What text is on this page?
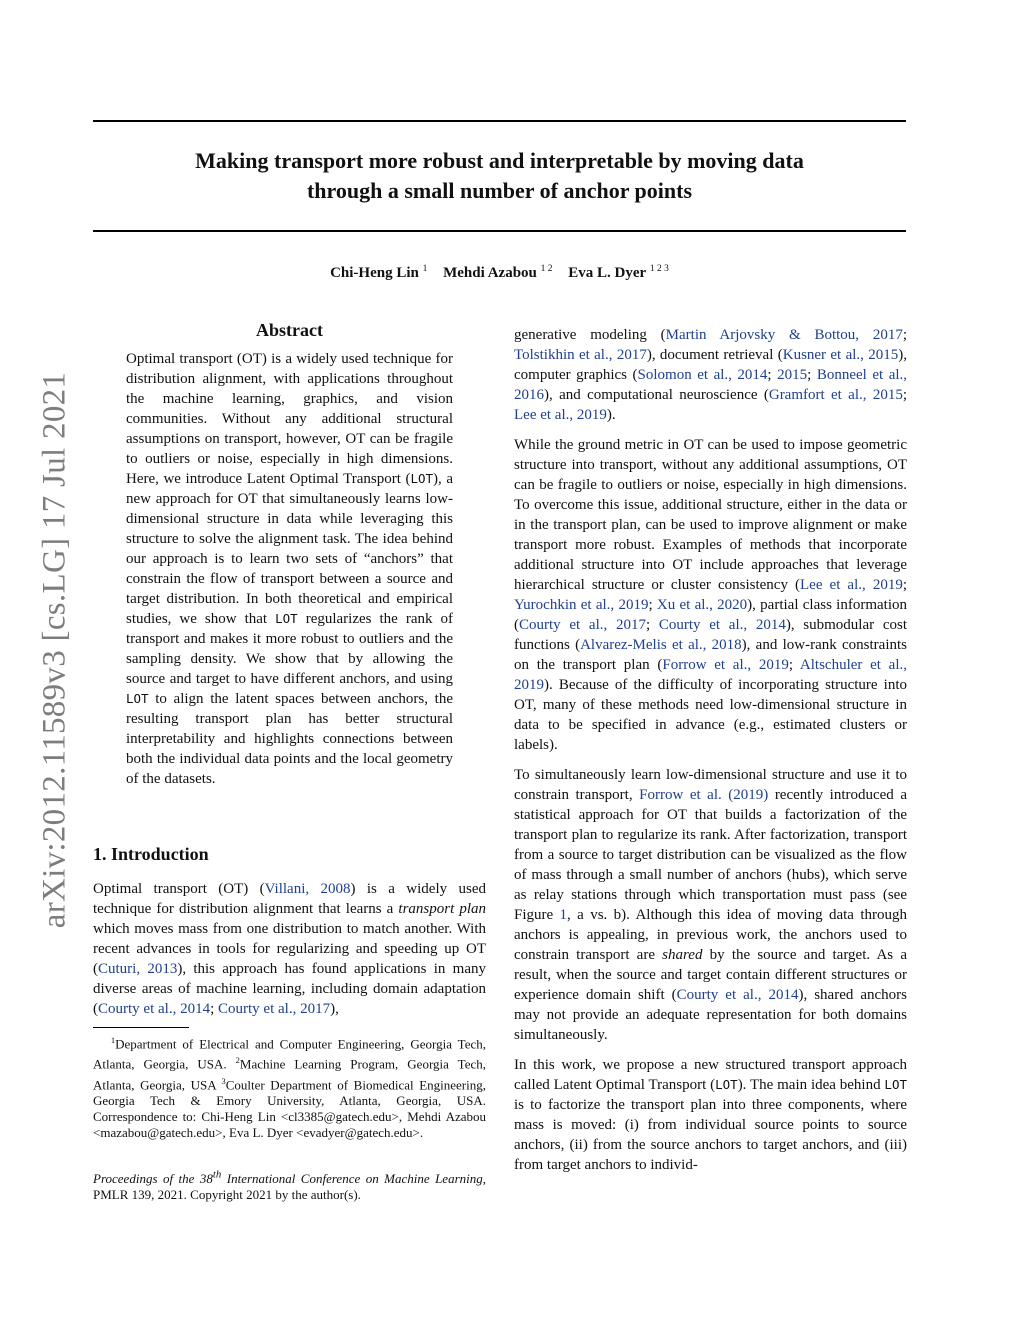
Making transport more robust and interpretable by moving data
through a small number of anchor points
Chi-Heng Lin $^1$ Mehdi Azabou $^{1 2}$ Eva L. Dyer $^{1 2 3}$
arXiv:2012.11589v3 [cs.LG] 17 Jul 2021
Abstract

Optimal transport (OT) is a widely used technique for distribution alignment, with applications throughout the machine learning, graphics, and vision communities. Without any additional structural assumptions on transport, however, OT can be fragile to outliers or noise, especially in high dimensions. Here, we introduce Latent Optimal Transport (LOT), a new approach for OT that simultaneously learns low-dimensional structure in data while leveraging this structure to solve the alignment task. The idea behind our approach is to learn two sets of “anchors” that constrain the flow of transport between a source and target distribution. In both theoretical and empirical studies, we show that LOT regularizes the rank of transport and makes it more robust to outliers and the sampling density. We show that by allowing the source and target to have different anchors, and using LOT to align the latent spaces between anchors, the resulting transport plan has better structural interpretability and highlights connections between both the individual data points and the local geometry of the datasets.

1. Introduction

Optimal transport (OT) (Villani, 2008) is a widely used technique for distribution alignment that learns a transport plan which moves mass from one distribution to match another. With recent advances in tools for regularizing and speeding up OT (Cuturi, 2013), this approach has found applications in many diverse areas of machine learning, including domain adaptation (Courty et al., 2014; Courty et al., 2017),

$^1$Department of Electrical and Computer Engineering, Georgia Tech, Atlanta, Georgia, USA. $^2$Machine Learning Program, Georgia Tech, Atlanta, Georgia, USA $^3$Coulter Department of Biomedical Engineering, Georgia Tech & Emory University, Atlanta, Georgia, USA. Correspondence to: Chi-Heng Lin <cl3385@gatech.edu>, Mehdi Azabou <mazabou@gatech.edu>, Eva L. Dyer <evadyer@gatech.edu>.

Proceedings of the 38th International Conference on Machine Learning, PMLR 139, 2021. Copyright 2021 by the author(s).

generative modeling (Martin Arjovsky & Bottou, 2017; Tolstikhin et al., 2017), document retrieval (Kusner et al., 2015), computer graphics (Solomon et al., 2014; 2015; Bonneel et al., 2016), and computational neuroscience (Gramfort et al., 2015; Lee et al., 2019).

While the ground metric in OT can be used to impose geometric structure into transport, without any additional assumptions, OT can be fragile to outliers or noise, especially in high dimensions. To overcome this issue, additional structure, either in the data or in the transport plan, can be used to improve alignment or make transport more robust. Examples of methods that incorporate additional structure into OT include approaches that leverage hierarchical structure or cluster consistency (Lee et al., 2019; Yurochkin et al., 2019; Xu et al., 2020), partial class information (Courty et al., 2017; Courty et al., 2014), submodular cost functions (Alvarez-Melis et al., 2018), and low-rank constraints on the transport plan (Forrow et al., 2019; Altschuler et al., 2019). Because of the difficulty of incorporating structure into OT, many of these methods need low-dimensional structure in data to be specified in advance (e.g., estimated clusters or labels).

To simultaneously learn low-dimensional structure and use it to constrain transport, Forrow et al. (2019) recently introduced a statistical approach for OT that builds a factorization of the transport plan to regularize its rank. After factorization, transport from a source to target distribution can be visualized as the flow of mass through a small number of anchors (hubs), which serve as relay stations through which transportation must pass (see Figure 1, a vs. b). Although this idea of moving data through anchors is appealing, in previous work, the anchors used to constrain transport are shared by the source and target. As a result, when the source and target contain different structures or experience domain shift (Courty et al., 2014), shared anchors may not provide an adequate representation for both domains simultaneously.

In this work, we propose a new structured transport approach called Latent Optimal Transport (LOT). The main idea behind LOT is to factorize the transport plan into three components, where mass is moved: (i) from individual source points to source anchors, (ii) from the source anchors to target anchors, and (iii) from target anchors to individ-
